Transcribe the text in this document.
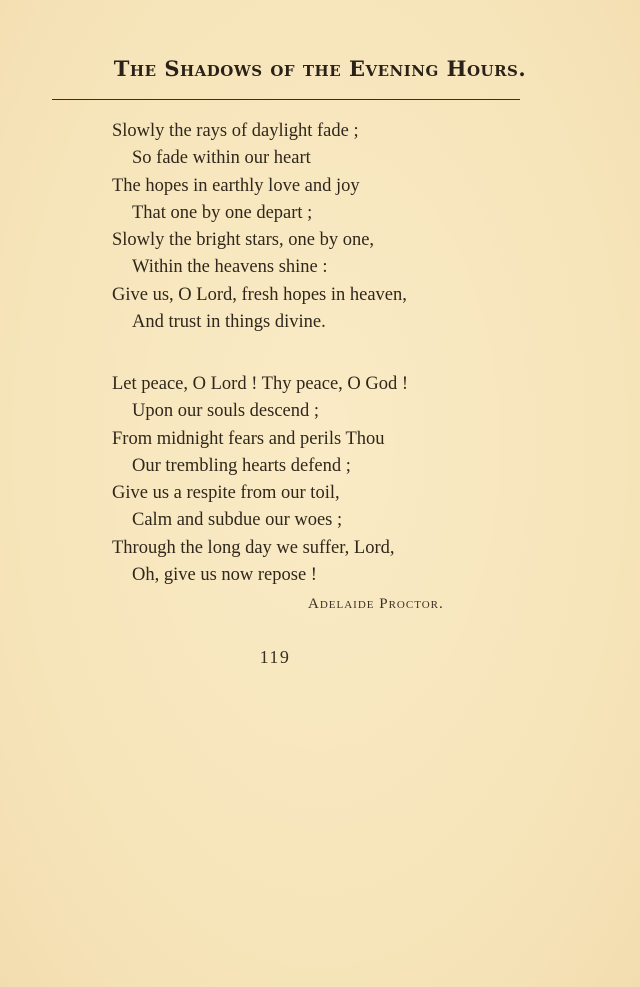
The Shadows of the Evening Hours.
Slowly the rays of daylight fade ;
So fade within our heart
The hopes in earthly love and joy
That one by one depart ;
Slowly the bright stars, one by one,
Within the heavens shine :
Give us, O Lord, fresh hopes in heaven,
And trust in things divine.
Let peace, O Lord ! Thy peace, O God !
Upon our souls descend ;
From midnight fears and perils Thou
Our trembling hearts defend ;
Give us a respite from our toil,
Calm and subdue our woes ;
Through the long day we suffer, Lord,
Oh, give us now repose !
Adelaide Proctor.
119
